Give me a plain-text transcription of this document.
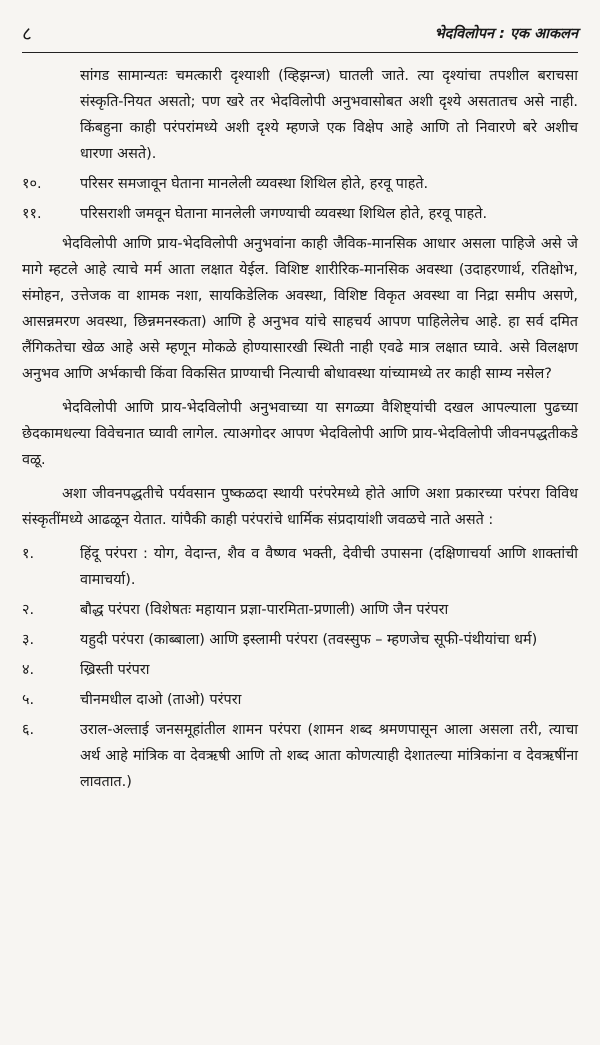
८	भेदविलोपन : एक आकलन
सांगड सामान्यतः चमत्कारी दृश्याशी (व्हिझन्ज) घातली जाते. त्या दृश्यांचा तपशील बराचसा संस्कृति-नियत असतो; पण खरे तर भेदविलोपी अनुभवासोबत अशी दृश्ये असतातच असे नाही. किंबहुना काही परंपरांमध्ये अशी दृश्ये म्हणजे एक विक्षेप आहे आणि तो निवारणे बरे अशीच धारणा असते).
१०.	परिसर समजावून घेताना मानलेली व्यवस्था शिथिल होते, हरवू पाहते.
११.	परिसराशी जमवून घेताना मानलेली जगण्याची व्यवस्था शिथिल होते, हरवू पाहते.

भेदविलोपी आणि प्राय-भेदविलोपी अनुभवांना काही जैविक-मानसिक आधार असला पाहिजे असे जे मागे म्हटले आहे त्याचे मर्म आता लक्षात येईल. विशिष्ट शारीरिक-मानसिक अवस्था (उदाहरणार्थ, रतिक्षोभ, संमोहन, उत्तेजक वा शामक नशा, सायकिडेलिक अवस्था, विशिष्ट विकृत अवस्था वा निद्रा समीप असणे, आसन्नमरण अवस्था, छिन्नमनस्कता) आणि हे अनुभव यांचे साहचर्य आपण पाहिलेलेच आहे. हा सर्व दमित लैंगिकतेचा खेळ आहे असे म्हणून मोकळे होण्यासारखी स्थिती नाही एवढे मात्र लक्षात घ्यावे. असे विलक्षण अनुभव आणि अर्भकाची किंवा विकसित प्राण्याची नित्याची बोधावस्था यांच्यामध्ये तर काही साम्य नसेल?

भेदविलोपी आणि प्राय-भेदविलोपी अनुभवाच्या या सगळ्या वैशिष्ट्यांची दखल आपल्याला पुढच्या छेदकामधल्या विवेचनात घ्यावी लागेल. त्याअगोदर आपण भेदविलोपी आणि प्राय-भेदविलोपी जीवनपद्धतीकडे वळू.

अशा जीवनपद्धतीचे पर्यवसान पुष्कळदा स्थायी परंपरेमध्ये होते आणि अशा प्रकारच्या परंपरा विविध संस्कृतींमध्ये आढळून येतात. यांपैकी काही परंपरांचे धार्मिक संप्रदायांशी जवळचे नाते असते :

१.	हिंदू परंपरा : योग, वेदान्त, शैव व वैष्णव भक्ती, देवीची उपासना (दक्षिणाचर्या आणि शाक्तांची वामाचर्या).
२.	बौद्ध परंपरा (विशेषतः महायान प्रज्ञा-पारमिता-प्रणाली) आणि जैन परंपरा
३.	यहुदी परंपरा (काब्बाला) आणि इस्लामी परंपरा (तवस्सुफ – म्हणजेच सूफी-पंथीयांचा धर्म)
४.	ख्रिस्ती परंपरा
५.	चीनमधील दाओ (ताओ) परंपरा
६.	उराल-अल्ताई जनसमूहांतील शामन परंपरा (शामन शब्द श्रमणपासून आला असला तरी, त्याचा अर्थ आहे मांत्रिक वा देवऋषी आणि तो शब्द आता कोणत्याही देशातल्या मांत्रिकांना व देवऋषींना लावतात.)
